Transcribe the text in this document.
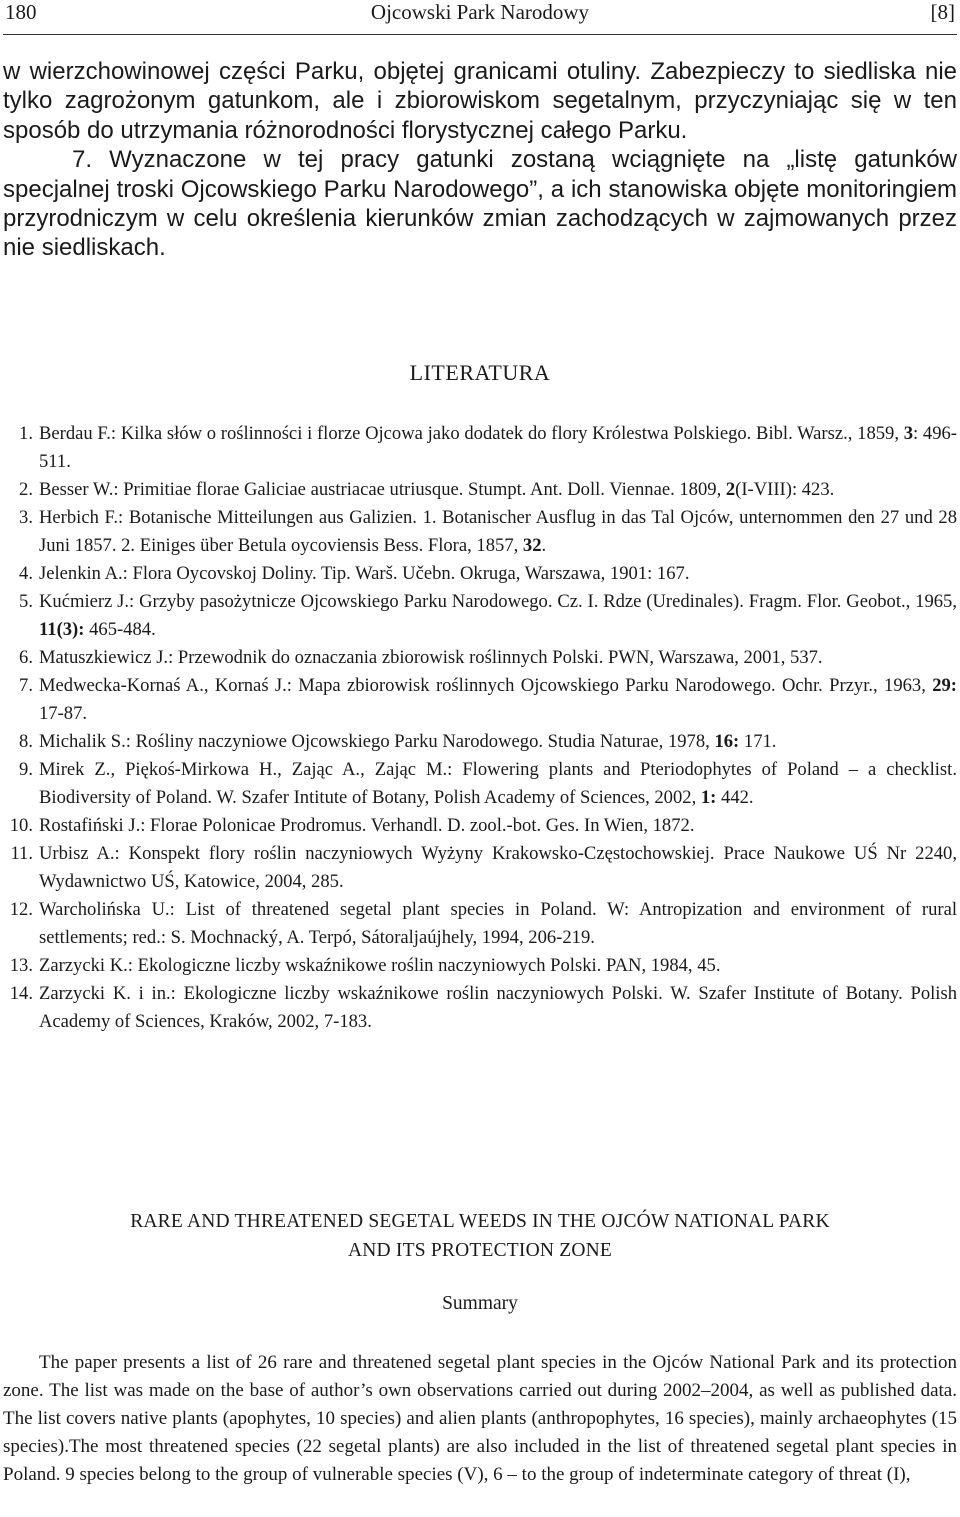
180	Ojcowski Park Narodowy	[8]

w wierzchowinowej części Parku, objętej granicami otuliny. Zabezpieczy to siedliska nie tylko zagrożonym gatunkom, ale i zbiorowiskom segetalnym, przyczyniając się w ten sposób do utrzymania różnorodności florystycznej całego Parku.

7. Wyznaczone w tej pracy gatunki zostaną wciągnięte na „listę gatunków specjalnej troski Ojcowskiego Parku Narodowego”, a ich stanowiska objęte monitoringiem przyrodniczym w celu określenia kierunków zmian zachodzących w zajmowanych przez nie siedliskach.

LITERATURA

1. Berdau F.: Kilka słów o roślinności i florze Ojcowa jako dodatek do flory Królestwa Polskiego. Bibl. Warsz., 1859, 3: 496-511.

2. Besser W.: Primitiae florae Galiciae austriacae utriusque. Stumpt. Ant. Doll. Viennae. 1809, 2(I-VIII): 423.

3. Herbich F.: Botanische Mitteilungen aus Galizien. 1. Botanischer Ausflug in das Tal Ojców, unternommen den 27 und 28 Juni 1857. 2. Einiges über Betula oycoviensis Bess. Flora, 1857, 32.

4. Jelenkin A.: Flora Oycovskoj Doliny. Tip. Warš. Učebn. Okruga, Warszawa, 1901: 167.

5. Kućmierz J.: Grzyby pasożytnicze Ojcowskiego Parku Narodowego. Cz. I. Rdze (Uredinales). Fragm. Flor. Geobot., 1965, 11(3): 465-484.

6. Matuszkiewicz J.: Przewodnik do oznaczania zbiorowisk roślinnych Polski. PWN, Warszawa, 2001, 537.

7. Medwecka-Kornaś A., Kornaś J.: Mapa zbiorowisk roślinnych Ojcowskiego Parku Narodowego. Ochr. Przyr., 1963, 29: 17-87.

8. Michalik S.: Rośliny naczyniowe Ojcowskiego Parku Narodowego. Studia Naturae, 1978, 16: 171.

9. Mirek Z., Piękoś-Mirkowa H., Zając A., Zając M.: Flowering plants and Pteriodophytes of Poland – a checklist. Biodiversity of Poland. W. Szafer Intitute of Botany, Polish Academy of Sciences, 2002, 1: 442.

10. Rostafiński J.: Florae Polonicae Prodromus. Verhandl. D. zool.-bot. Ges. In Wien, 1872.

11. Urbisz A.: Konspekt flory roślin naczyniowych Wyżyny Krakowsko-Częstochowskiej. Prace Naukowe UŚ Nr 2240, Wydawnictwo UŚ, Katowice, 2004, 285.

12. Warcholińska U.: List of threatened segetal plant species in Poland. W: Antropization and environment of rural settlements; red.: S. Mochnacký, A. Terpó, Sátoraljaújhely, 1994, 206-219.

13. Zarzycki K.: Ekologiczne liczby wskaźnikowe roślin naczyniowych Polski. PAN, 1984, 45.

14. Zarzycki K. i in.: Ekologiczne liczby wskaźnikowe roślin naczyniowych Polski. W. Szafer Institute of Botany. Polish Academy of Sciences, Kraków, 2002, 7-183.

RARE AND THREATENED SEGETAL WEEDS IN THE OJCÓW NATIONAL PARK
AND ITS PROTECTION ZONE
Summary

The paper presents a list of 26 rare and threatened segetal plant species in the Ojców National Park and its protection zone. The list was made on the base of author’s own observations carried out during 2002–2004, as well as published data. The list covers native plants (apophytes, 10 species) and alien plants (anthropophytes, 16 species), mainly archaeophytes (15 species).The most threatened species (22 segetal plants) are also included in the list of threatened segetal plant species in Poland. 9 species belong to the group of vulnerable species (V), 6 – to the group of indeterminate category of threat (I),
